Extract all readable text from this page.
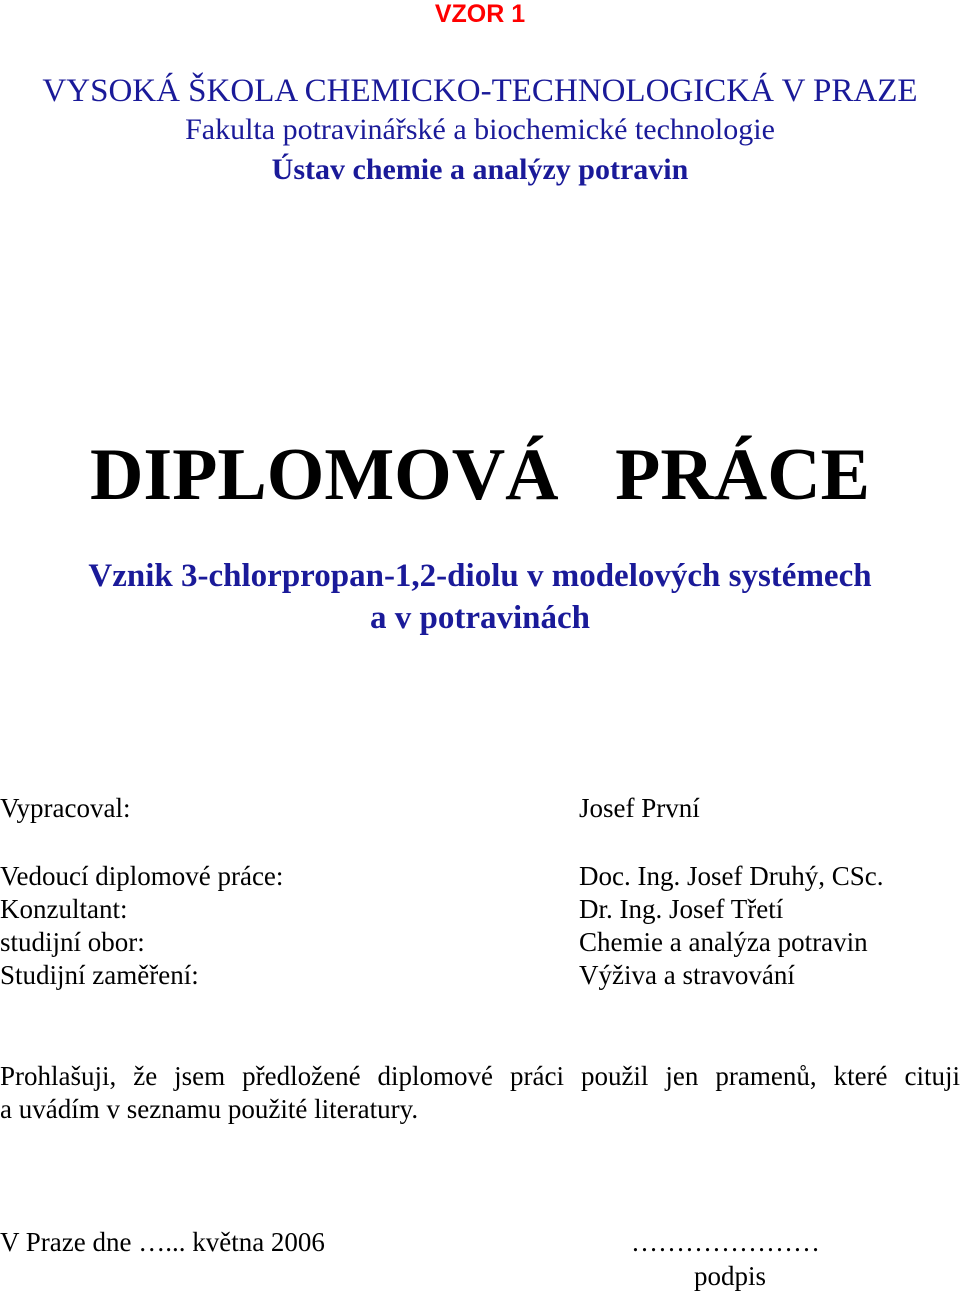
VZOR 1
VYSOKÁ ŠKOLA CHEMICKO-TECHNOLOGICKÁ V PRAZE
Fakulta potravinářské a biochemické technologie
Ústav chemie a analýzy potravin
DIPLOMOVÁ PRÁCE
Vznik 3-chlorpropan-1,2-diolu v modelových systémech
a v potravinách
Vypracoval:	Josef První
Vedoucí diplomové práce:	Doc. Ing. Josef Druhý, CSc.
Konzultant:	Dr. Ing. Josef Třetí
studijní obor:	Chemie a analýza potravin
Studijní zaměření:	Výživa a stravování
Prohlašuji, že jsem předložené diplomové práci použil jen pramenů, které cituji
a uvádím v seznamu použité literatury.
V Praze dne …... května 2006	…………………
podpis
